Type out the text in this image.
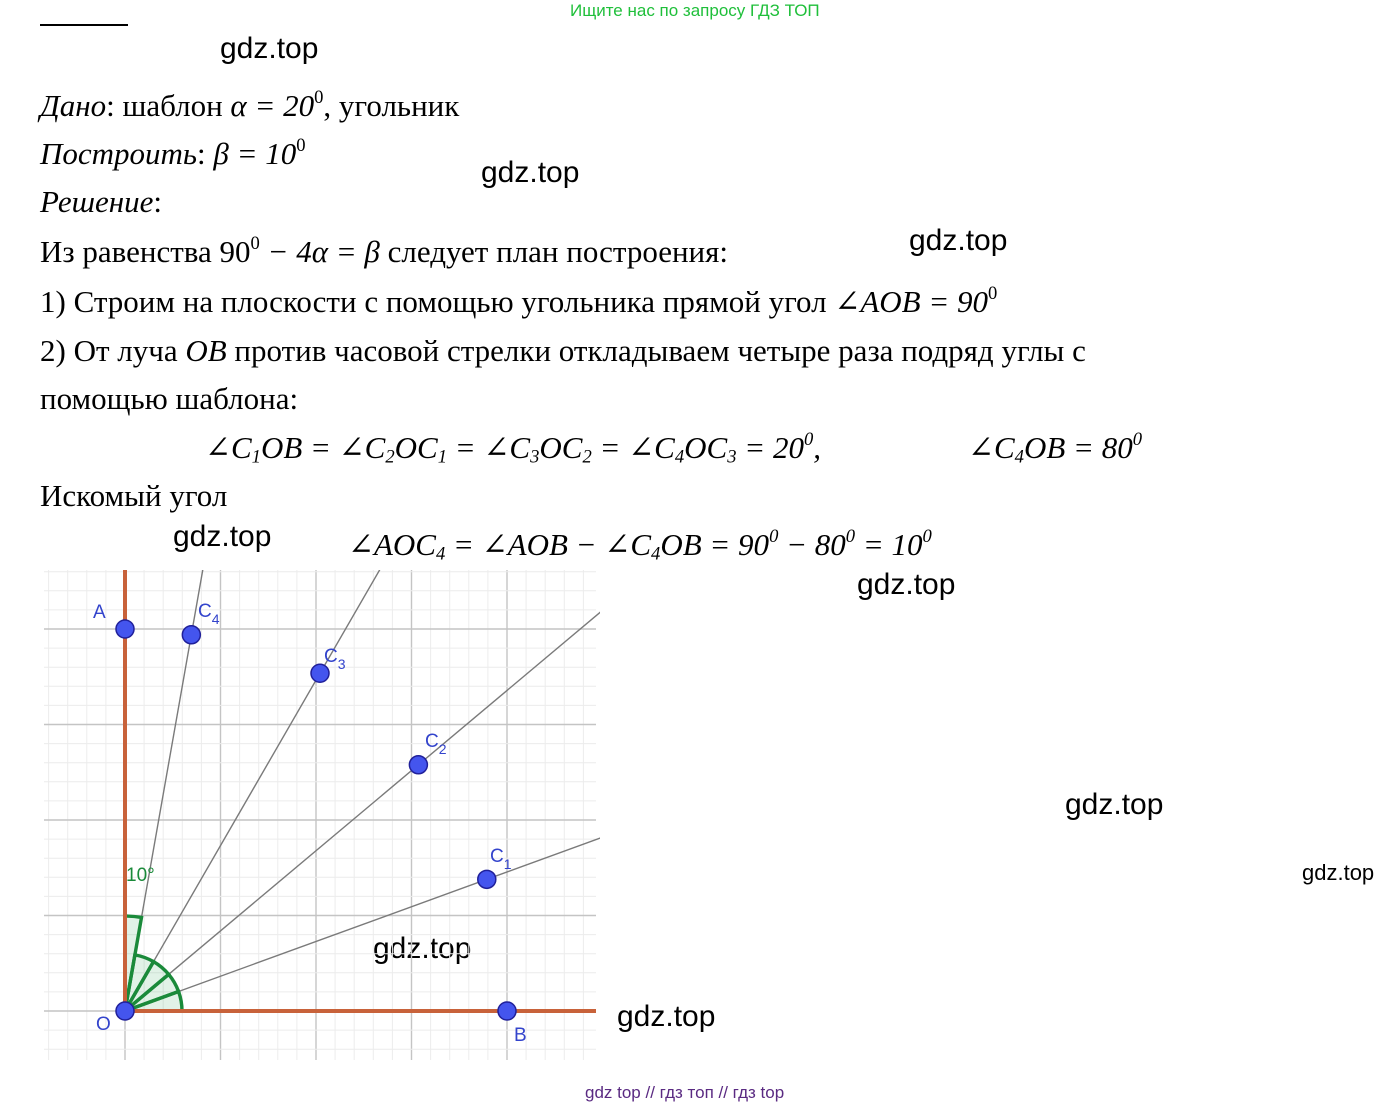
Ищите нас по запросу ГДЗ ТОП
gdz.top
gdz.top
gdz.top
gdz.top
gdz.top
gdz.top
gdz.top
gdz.top
gdz.top
Дано: шаблон $\alpha = 20^0$, угольник
Построить: $\beta = 10^0$
Решение:
Из равенства $90^0 - 4\alpha = \beta$ следует план построения:
1) Строим на плоскости с помощью угольника прямой угол ∠AOB = $90^0$
2) От луча OB против часовой стрелки откладываем четыре раза подряд углы с
помощью шаблона:
$\angle C_1OB$ = $\angle C_2OC_1$ = $\angle C_3OC_2$ = $\angle C_4OC_3 = 20^0$,	$\angle C_4OB = 80^0$
Искомый угол
$\angle AOC_4$ = ∠AOB − $\angle C_4OB = 90^0 - 80^0 = 10^0$
10°
A
O
B
$C_4$
$C_3$
$C_2$
$C_1$
gdz top // гдз топ // гдз top
